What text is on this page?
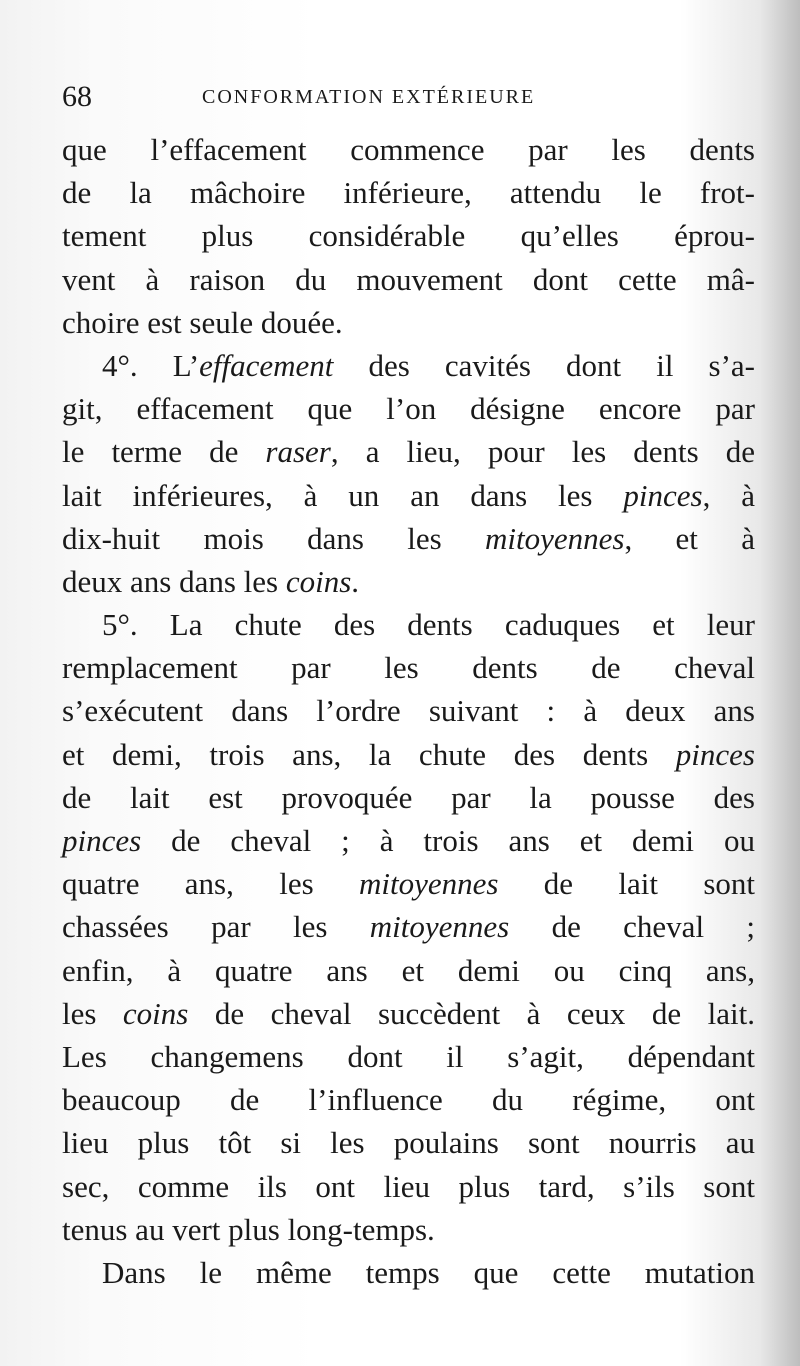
68	CONFORMATION EXTÉRIEURE
que l’effacement commence par les dents
de la mâchoire inférieure, attendu le frot-
tement plus considérable qu’elles éprou-
vent à raison du mouvement dont cette mâ-
choire est seule douée.
4°. L’effacement des cavités dont il s’a-
git, effacement que l’on désigne encore par
le terme de raser, a lieu, pour les dents de
lait inférieures, à un an dans les pinces, à
dix-huit mois dans les mitoyennes, et à
deux ans dans les coins.
5°. La chute des dents caduques et leur
remplacement par les dents de cheval
s’exécutent dans l’ordre suivant : à deux ans
et demi, trois ans, la chute des dents pinces
de lait est provoquée par la pousse des
pinces de cheval ; à trois ans et demi ou
quatre ans, les mitoyennes de lait sont
chassées par les mitoyennes de cheval ;
enfin, à quatre ans et demi ou cinq ans,
les coins de cheval succèdent à ceux de lait.
Les changemens dont il s’agit, dépendant
beaucoup de l’influence du régime, ont
lieu plus tôt si les poulains sont nourris au
sec, comme ils ont lieu plus tard, s’ils sont
tenus au vert plus long-temps.
Dans le même temps que cette mutation
